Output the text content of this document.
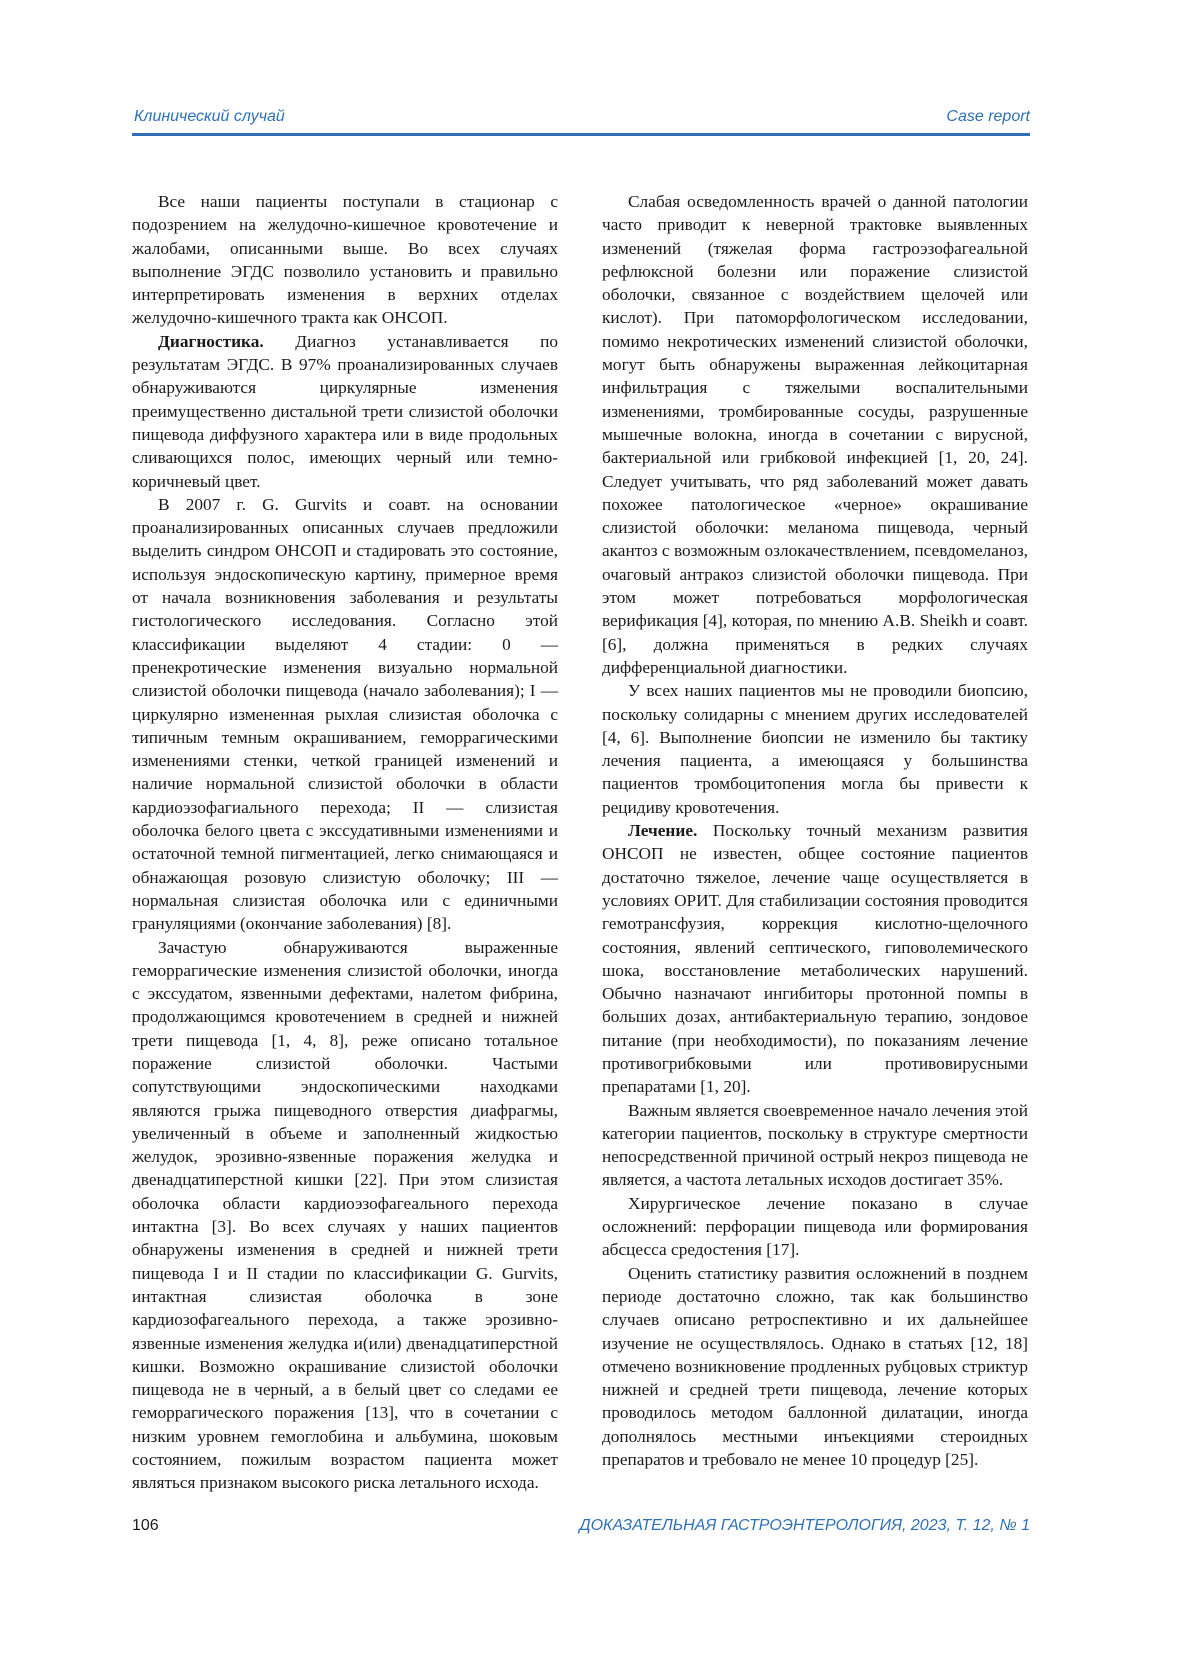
Клинический случай	Case report

Все наши пациенты поступали в стационар с подозрением на желудочно-кишечное кровотечение и жалобами, описанными выше. Во всех случаях выполнение ЭГДС позволило установить и правильно интерпретировать изменения в верхних отделах желудочно-кишечного тракта как ОНСОП.

Диагностика. Диагноз устанавливается по результатам ЭГДС. В 97% проанализированных случаев обнаруживаются циркулярные изменения преимущественно дистальной трети слизистой оболочки пищевода диффузного характера или в виде продольных сливающихся полос, имеющих черный или темно-коричневый цвет.

В 2007 г. G. Gurvits и соавт. на основании проанализированных описанных случаев предложили выделить синдром ОНСОП и стадировать это состояние, используя эндоскопическую картину, примерное время от начала возникновения заболевания и результаты гистологического исследования. Согласно этой классификации выделяют 4 стадии: 0 — пренекротические изменения визуально нормальной слизистой оболочки пищевода (начало заболевания); I — циркулярно измененная рыхлая слизистая оболочка с типичным темным окрашиванием, геморрагическими изменениями стенки, четкой границей изменений и наличие нормальной слизистой оболочки в области кардиоэзофагиального перехода; II — слизистая оболочка белого цвета с экссудативными изменениями и остаточной темной пигментацией, легко снимающаяся и обнажающая розовую слизистую оболочку; III — нормальная слизистая оболочка или с единичными грануляциями (окончание заболевания) [8].

Зачастую обнаруживаются выраженные геморрагические изменения слизистой оболочки, иногда с экссудатом, язвенными дефектами, налетом фибрина, продолжающимся кровотечением в средней и нижней трети пищевода [1, 4, 8], реже описано тотальное поражение слизистой оболочки. Частыми сопутствующими эндоскопическими находками являются грыжа пищеводного отверстия диафрагмы, увеличенный в объеме и заполненный жидкостью желудок, эрозивно-язвенные поражения желудка и двенадцатиперстной кишки [22]. При этом слизистая оболочка области кардиоэзофагеального перехода интактна [3]. Во всех случаях у наших пациентов обнаружены изменения в средней и нижней трети пищевода I и II стадии по классификации G. Gurvits, интактная слизистая оболочка в зоне кардиозофагеального перехода, а также эрозивно-язвенные изменения желудка и(или) двенадцатиперстной кишки. Возможно окрашивание слизистой оболочки пищевода не в черный, а в белый цвет со следами ее геморрагического поражения [13], что в сочетании с низким уровнем гемоглобина и альбумина, шоковым состоянием, пожилым возрастом пациента может являться признаком высокого риска летального исхода.

Слабая осведомленность врачей о данной патологии часто приводит к неверной трактовке выявленных изменений (тяжелая форма гастроэзофагеальной рефлюксной болезни или поражение слизистой оболочки, связанное с воздействием щелочей или кислот). При патоморфологическом исследовании, помимо некротических изменений слизистой оболочки, могут быть обнаружены выраженная лейкоцитарная инфильтрация с тяжелыми воспалительными изменениями, тромбированные сосуды, разрушенные мышечные волокна, иногда в сочетании с вирусной, бактериальной или грибковой инфекцией [1, 20, 24]. Следует учитывать, что ряд заболеваний может давать похожее патологическое «черное» окрашивание слизистой оболочки: меланома пищевода, черный акантоз с возможным озлокачествлением, псевдомеланоз, очаговый антракоз слизистой оболочки пищевода. При этом может потребоваться морфологическая верификация [4], которая, по мнению A.B. Sheikh и соавт. [6], должна применяться в редких случаях дифференциальной диагностики.

У всех наших пациентов мы не проводили биопсию, поскольку солидарны с мнением других исследователей [4, 6]. Выполнение биопсии не изменило бы тактику лечения пациента, а имеющаяся у большинства пациентов тромбоцитопения могла бы привести к рецидиву кровотечения.

Лечение. Поскольку точный механизм развития ОНСОП не известен, общее состояние пациентов достаточно тяжелое, лечение чаще осуществляется в условиях ОРИТ. Для стабилизации состояния проводится гемотрансфузия, коррекция кислотно-щелочного состояния, явлений септического, гиповолемического шока, восстановление метаболических нарушений. Обычно назначают ингибиторы протонной помпы в больших дозах, антибактериальную терапию, зондовое питание (при необходимости), по показаниям лечение противогрибковыми или противовирусными препаратами [1, 20].

Важным является своевременное начало лечения этой категории пациентов, поскольку в структуре смертности непосредственной причиной острый некроз пищевода не является, а частота летальных исходов достигает 35%.

Хирургическое лечение показано в случае осложнений: перфорации пищевода или формирования абсцесса средостения [17].

Оценить статистику развития осложнений в позднем периоде достаточно сложно, так как большинство случаев описано ретроспективно и их дальнейшее изучение не осуществлялось. Однако в статьях [12, 18] отмечено возникновение продленных рубцовых стриктур нижней и средней трети пищевода, лечение которых проводилось методом баллонной дилатации, иногда дополнялось местными инъекциями стероидных препаратов и требовало не менее 10 процедур [25].

106	ДОКАЗАТЕЛЬНАЯ ГАСТРОЭНТЕРОЛОГИЯ, 2023, Т. 12, № 1
